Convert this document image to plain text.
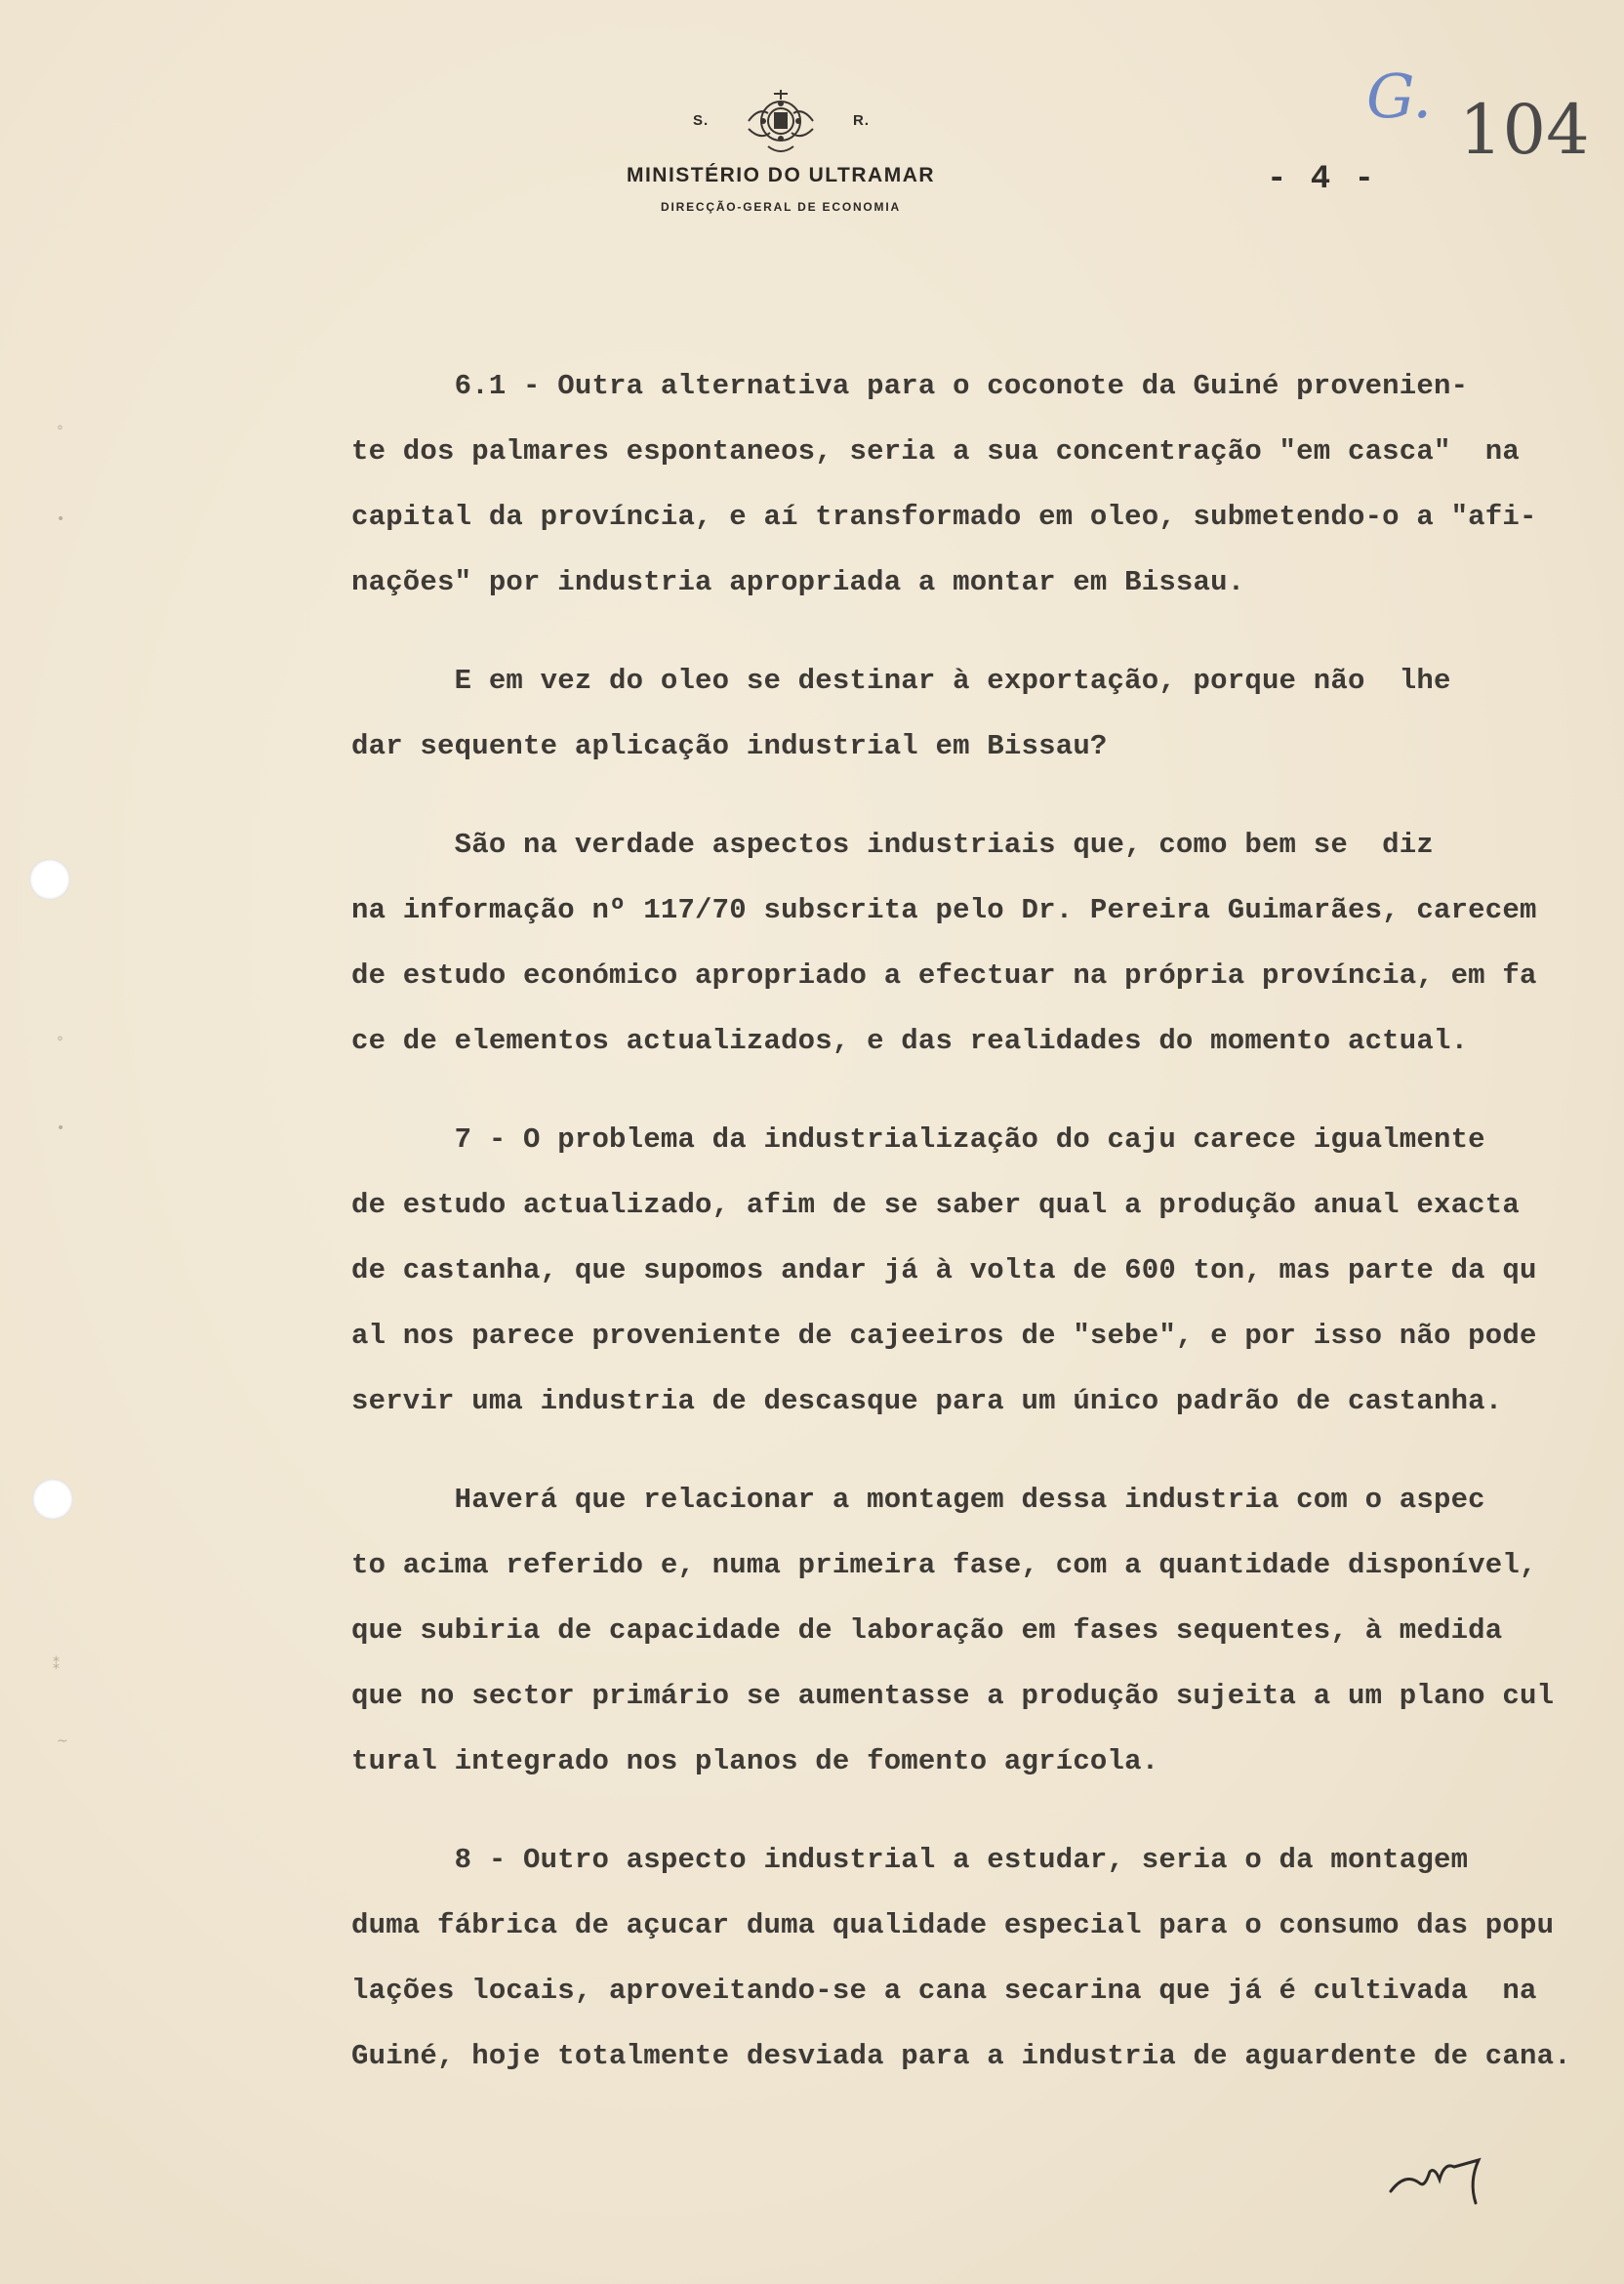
°
•
°
•
⁑
~
S.	R.
MINISTÉRIO DO ULTRAMAR
DIRECÇÃO-GERAL DE ECONOMIA
- 4 -
G. 104
6.1 - Outra alternativa para o coconote da Guiné provenien-
te dos palmares espontaneos, seria a sua concentração "em casca"  na
capital da província, e aí transformado em oleo, submetendo-o a "afi-
nações" por industria apropriada a montar em Bissau.
E em vez do oleo se destinar à exportação, porque não  lhe
dar sequente aplicação industrial em Bissau?
São na verdade aspectos industriais que, como bem se  diz
na informação nº 117/70 subscrita pelo Dr. Pereira Guimarães, carecem
de estudo económico apropriado a efectuar na própria província, em fa
ce de elementos actualizados, e das realidades do momento actual.
7 - O problema da industrialização do caju carece igualmente
de estudo actualizado, afim de se saber qual a produção anual exacta
de castanha, que supomos andar já à volta de 600 ton, mas parte da qu
al nos parece proveniente de cajeeiros de "sebe", e por isso não pode
servir uma industria de descasque para um único padrão de castanha.
Haverá que relacionar a montagem dessa industria com o aspec
to acima referido e, numa primeira fase, com a quantidade disponível,
que subiria de capacidade de laboração em fases sequentes, à medida
que no sector primário se aumentasse a produção sujeita a um plano cul
tural integrado nos planos de fomento agrícola.
8 - Outro aspecto industrial a estudar, seria o da montagem
duma fábrica de açucar duma qualidade especial para o consumo das popu
lações locais, aproveitando-se a cana secarina que já é cultivada  na
Guiné, hoje totalmente desviada para a industria de aguardente de cana.
